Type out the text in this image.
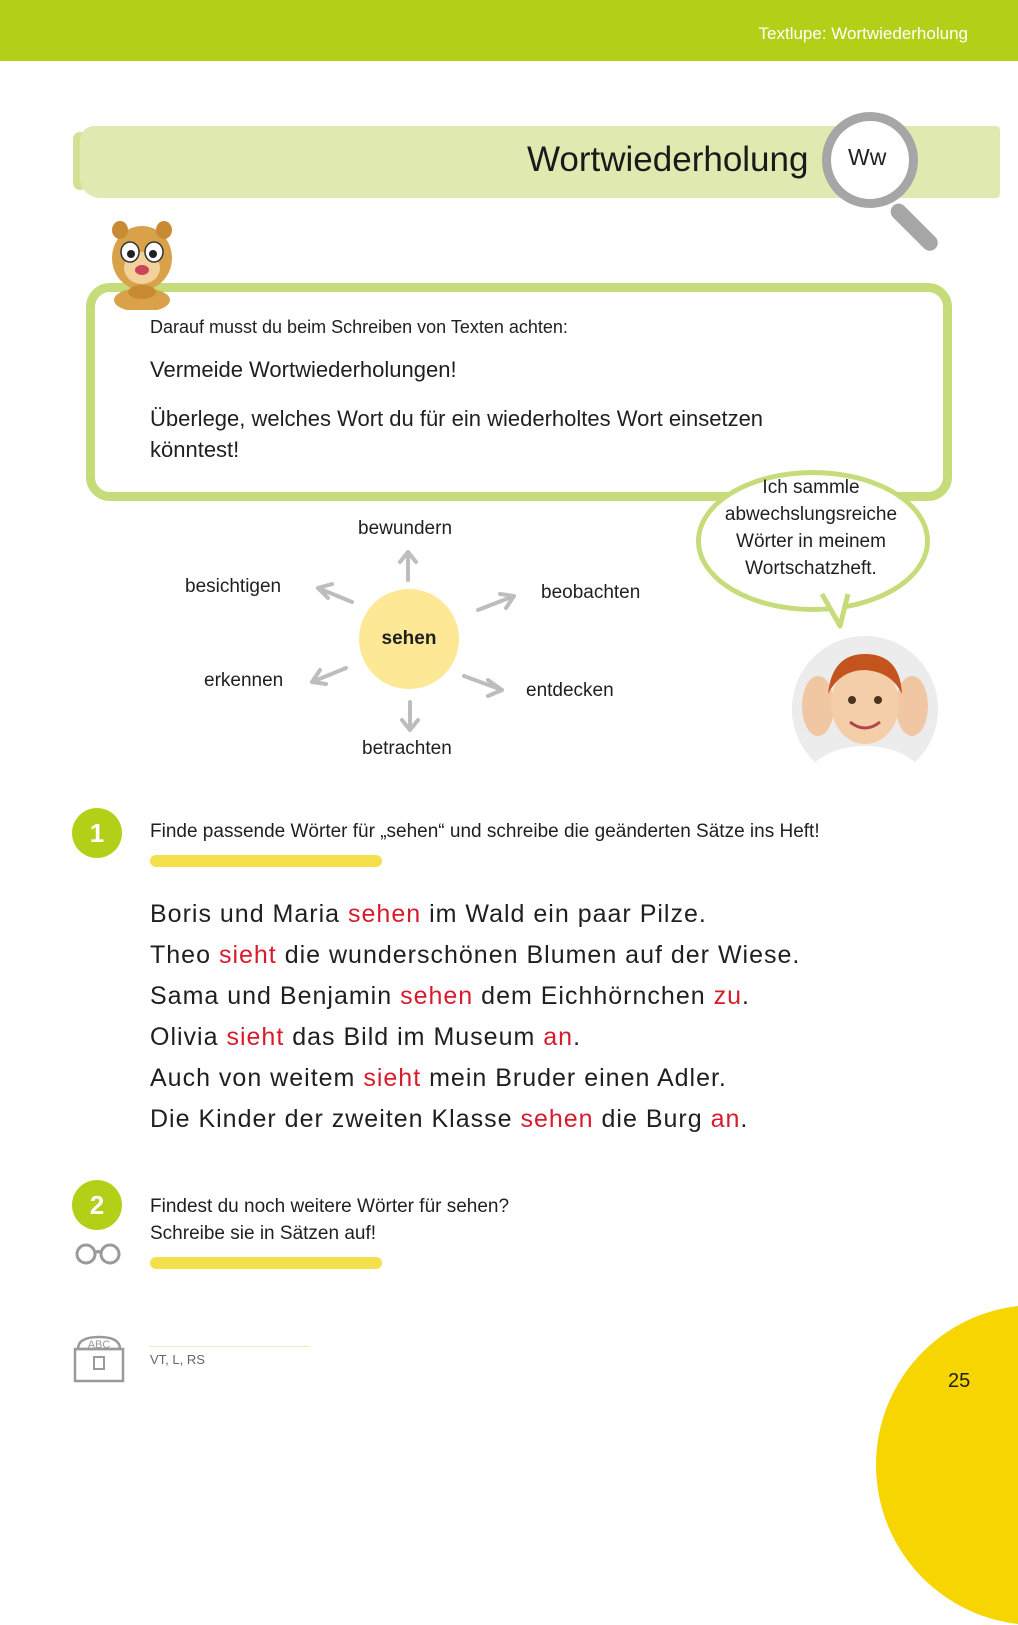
Textlupe: Wortwiederholung
Wortwiederholung Ww
Darauf musst du beim Schreiben von Texten achten:
Vermeide Wortwiederholungen!
Überlege, welches Wort du für ein wiederholtes Wort einsetzen könntest!
Ich sammle abwechslungsreiche Wörter in meinem Wortschatzheft.
sehen
bewundern
besichtigen	beobachten
erkennen	entdecken
betrachten
1	Finde passende Wörter für „sehen“ und schreibe die geänderten Sätze ins Heft!
Boris und Maria sehen im Wald ein paar Pilze.
Theo sieht die wunderschönen Blumen auf der Wiese.
Sama und Benjamin sehen dem Eichhörnchen zu.
Olivia sieht das Bild im Museum an.
Auch von weitem sieht mein Bruder einen Adler.
Die Kinder der zweiten Klasse sehen die Burg an.
2	Findest du noch weitere Wörter für sehen?
Schreibe sie in Sätzen auf!
ABC
VT, L, RS
25
